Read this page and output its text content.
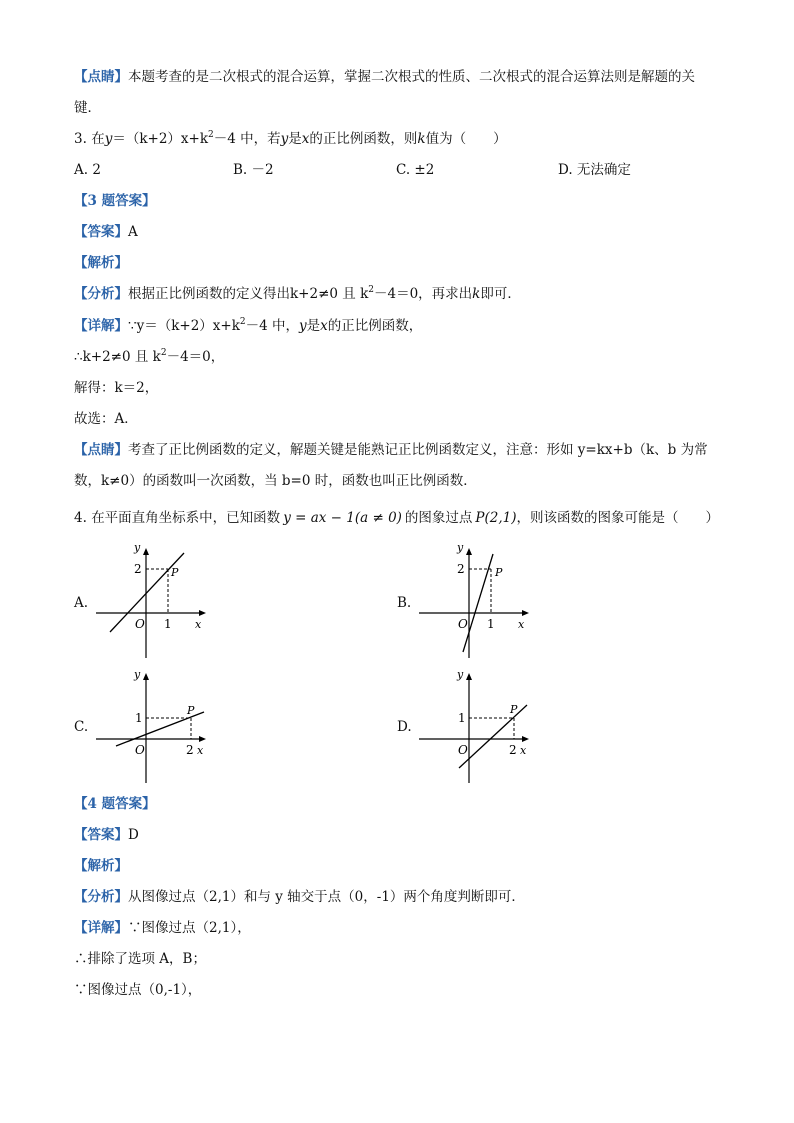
【点睛】本题考查的是二次根式的混合运算，掌握二次根式的性质、二次根式的混合运算法则是解题的关
键．
3. 在$y=(k+2)x+k^2-4$ 中，若y是x的正比例函数，则k值为（　　）
A. 2	B. －2	C. ±2	D. 无法确定
【3 题答案】
【答案】A
【解析】
【分析】根据正比例函数的定义得出k+2≠0 且 $k^2-4=0$，再求出k即可．
【详解】$\because y=(k+2)x+k^2-4$ 中，y是x的正比例函数，
∴k+2≠0 且 $k^2-4=0$，
解得：k＝2，
故选：A．
【点睛】考查了正比例函数的定义，解题关键是能熟记正比例函数定义，注意：形如 y=kx+b（k、b 为常
数，k≠0）的函数叫一次函数，当 b=0 时，函数也叫正比例函数．
4. 在平面直角坐标系中，已知函数 y = ax − 1(a ≠ 0) 的图象过点 P(2,1)，则该函数的图象可能是（　　）
A.
y
2	P
O 1 x
B.
y
2	P
O 1 x
C.
y
1
P
O	2 x
D.
y
1
P
O	2 x
【4 题答案】
【答案】D
【解析】
【分析】从图像过点（2,1）和与 y 轴交于点（0，-1）两个角度判断即可．
【详解】∵图像过点（2,1），
∴排除了选项 A，B；
∵图像过点（0,-1），
